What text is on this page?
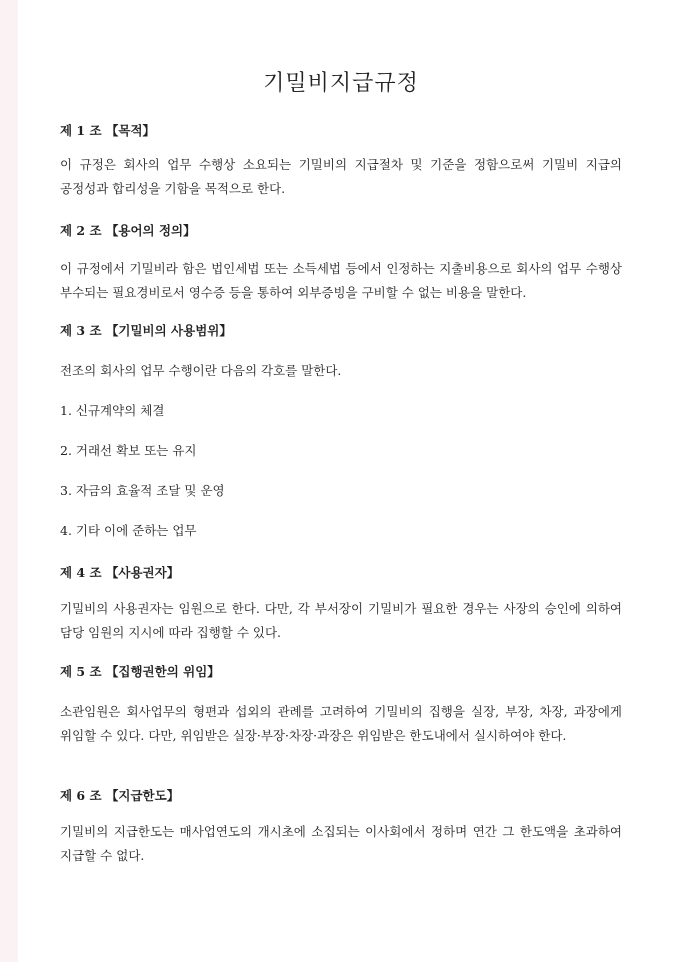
기밀비지급규정

제 1 조 【목적】

이 규정은 회사의 업무 수행상 소요되는 기밀비의 지급절차 및 기준을 정함으로써 기밀비 지급의 공정성과 합리성을 기함을 목적으로 한다.

제 2 조 【용어의 정의】

이 규정에서 기밀비라 함은 법인세법 또는 소득세법 등에서 인정하는 지출비용으로 회사의 업무 수행상 부수되는 필요경비로서 영수증 등을 통하여 외부증빙을 구비할 수 없는 비용을 말한다.

제 3 조 【기밀비의 사용범위】

전조의 회사의 업무 수행이란 다음의 각호를 말한다.

1. 신규계약의 체결

2. 거래선 확보 또는 유지

3. 자금의 효율적 조달 및 운영

4. 기타 이에 준하는 업무

제 4 조 【사용권자】

기밀비의 사용권자는 임원으로 한다. 다만, 각 부서장이 기밀비가 필요한 경우는 사장의 승인에 의하여 담당 임원의 지시에 따라 집행할 수 있다.

제 5 조 【집행권한의 위임】

소관임원은 회사업무의 형편과 섭외의 관례를 고려하여 기밀비의 집행을 실장, 부장, 차장, 과장에게 위임할 수 있다. 다만, 위임받은 실장·부장·차장·과장은 위임받은 한도내에서 실시하여야 한다.

제 6 조 【지급한도】

기밀비의 지급한도는 매사업연도의 개시초에 소집되는 이사회에서 정하며 연간 그 한도액을 초과하여 지급할 수 없다.
